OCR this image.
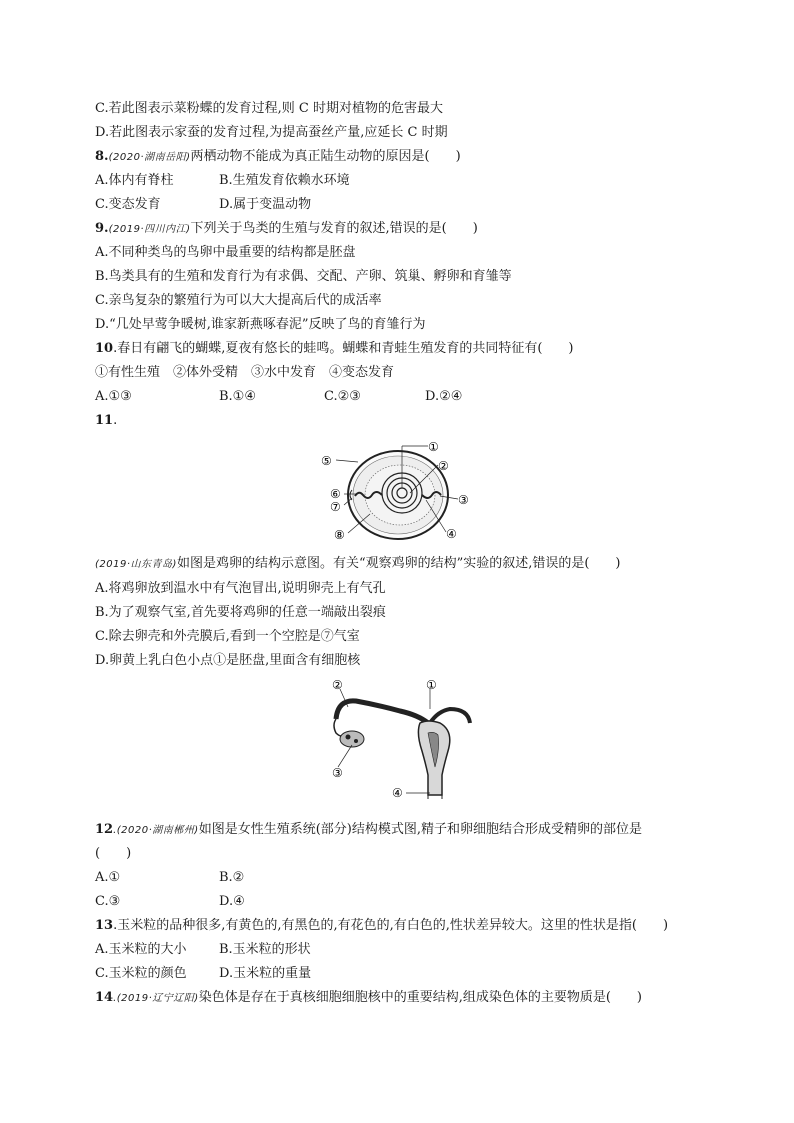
C.若此图表示菜粉蝶的发育过程,则 C 时期对植物的危害最大
D.若此图表示家蚕的发育过程,为提高蚕丝产量,应延长 C 时期
8.(2020·湖南岳阳)两栖动物不能成为真正陆生动物的原因是(　　)
A.体内有脊柱	B.生殖发育依赖水环境
C.变态发育	D.属于变温动物
9.(2019·四川内江)下列关于鸟类的生殖与发育的叙述,错误的是(　　)
A.不同种类鸟的鸟卵中最重要的结构都是胚盘
B.鸟类具有的生殖和发育行为有求偶、交配、产卵、筑巢、孵卵和育雏等
C.亲鸟复杂的繁殖行为可以大大提高后代的成活率
D.“几处早莺争暖树,谁家新燕啄春泥”反映了鸟的育雏行为
10.春日有翩飞的蝴蝶,夏夜有悠长的蛙鸣。蝴蝶和青蛙生殖发育的共同特征有(　　)
①有性生殖　②体外受精　③水中发育　④变态发育
A.①③	B.①④	C.②③	D.②④
11.
①
②
③
④
⑤
⑥
⑦
⑧
(2019·山东青岛)如图是鸡卵的结构示意图。有关“观察鸡卵的结构”实验的叙述,错误的是(　　)
A.将鸡卵放到温水中有气泡冒出,说明卵壳上有气孔
B.为了观察气室,首先要将鸡卵的任意一端敲出裂痕
C.除去卵壳和外壳膜后,看到一个空腔是⑦气室
D.卵黄上乳白色小点①是胚盘,里面含有细胞核
①
②
③
④
12.(2020·湖南郴州)如图是女性生殖系统(部分)结构模式图,精子和卵细胞结合形成受精卵的部位是
(　　)
A.①	B.②
C.③	D.④
13.玉米粒的品种很多,有黄色的,有黑色的,有花色的,有白色的,性状差异较大。这里的性状是指(　　)
A.玉米粒的大小 B.玉米粒的形状
C.玉米粒的颜色 D.玉米粒的重量
14.(2019·辽宁辽阳)染色体是存在于真核细胞细胞核中的重要结构,组成染色体的主要物质是(　　)
